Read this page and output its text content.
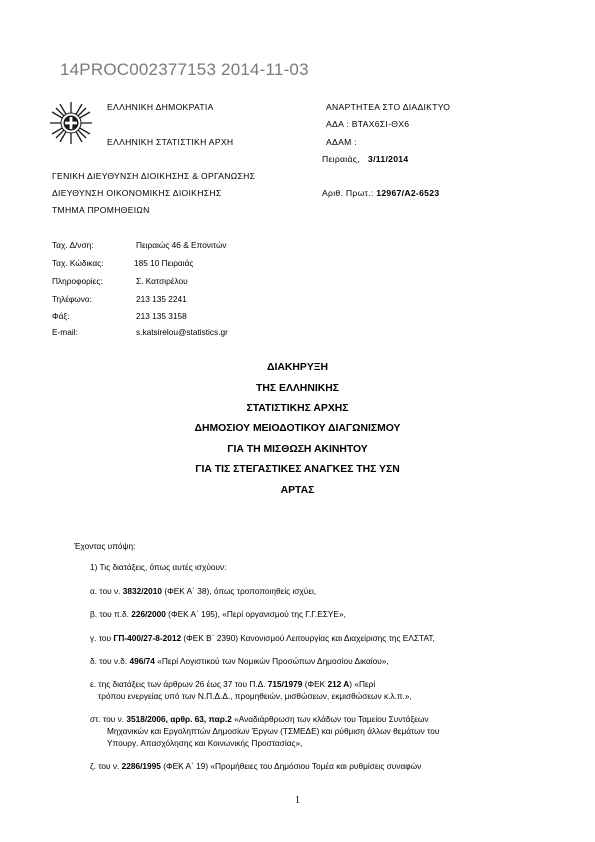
14PROC002377153 2014-11-03
ΕΛΛΗΝΙΚΗ ΔΗΜΟΚΡΑΤΙΑ
ΕΛΛΗΝΙΚΗ ΣΤΑΤΙΣΤΙΚΗ ΑΡΧΗ
ΓΕΝΙΚΗ ΔΙΕΥΘΥΝΣΗ ΔΙΟΙΚΗΣΗΣ & ΟΡΓΑΝΩΣΗΣ
ΔΙΕΥΘΥΝΣΗ ΟΙΚΟΝΟΜΙΚΗΣ ΔΙΟΙΚΗΣΗΣ
ΤΜΗΜΑ ΠΡΟΜΗΘΕΙΩΝ
ΑΝΑΡΤΗΤΕΑ ΣΤΟ ΔΙΑΔΙΚΤΥΟ
ΑΔΑ : ΒΤΑΧ6ΣΙ-ΘΧ6
ΑΔΑΜ :
Πειραιάς, 3/11/2014
Αριθ. Πρωτ.: 12967/Α2-6523
Ταχ. Δ/νση:	Πειραιώς 46 & Επονιτών
Ταχ. Κώδικας:	185 10 Πειραιάς
Πληροφορίες:	Σ. Κατσιρέλου
Τηλέφωνο:	213 135 2241
Φάξ:	213 135 3158
E-mail:	s.katsirelou@statistics.gr
ΔΙΑΚΗΡΥΞΗ
ΤΗΣ ΕΛΛΗΝΙΚΗΣ
ΣΤΑΤΙΣΤΙΚΗΣ ΑΡΧΗΣ
ΔΗΜΟΣΙΟΥ ΜΕΙΟΔΟΤΙΚΟΥ ΔΙΑΓΩΝΙΣΜΟΥ
ΓΙΑ ΤΗ ΜΙΣΘΩΣΗ ΑΚΙΝΗΤΟΥ
ΓΙΑ ΤΙΣ ΣΤΕΓΑΣΤΙΚΕΣ ΑΝΑΓΚΕΣ ΤΗΣ ΥΣΝ
ΑΡΤΑΣ
Έχοντας υπόψη:
1) Τις διατάξεις, όπως αυτές ισχύουν:
α. του ν. 3832/2010 (ΦΕΚ Α΄ 38), όπως τροποποιηθείς ισχύει,
β. του π.δ. 226/2000 (ΦΕΚ Α΄ 195), «Περί οργανισμού της Γ.Γ.ΕΣΥΕ»,
γ. του ΓΠ-400/27-8-2012 (ΦΕΚ Β΄ 2390) Κανονισμού Λειτουργίας και Διαχείρισης της ΕΛΣΤΑΤ,
δ. του ν.δ. 496/74 «Περί Λογιστικού των Νομικών Προσώπων Δημοσίου Δικαίου»,
ε. της διατάξεις των άρθρων 26 έως 37 του Π.Δ. 715/1979 (ΦΕΚ 212 Α) «Περί
τρόπου ενεργείας υπό των Ν.Π.Δ.Δ., προμηθειών, μισθώσεων, εκμισθώσεων κ.λ.π.»,
στ. του ν. 3518/2006, αρθρ. 63, παρ.2 «Αναδιάρθρωση των κλάδων του Ταμείου Συντάξεων
Μηχανικών και Εργοληπτών Δημοσίων Έργων (ΤΣΜΕΔΕ) και ρύθμιση άλλων θεμάτων του
Υπουργ. Απασχόλησης και Κοινωνικής Προστασίας»,
ζ. του ν. 2286/1995 (ΦΕΚ Α΄ 19) «Προμήθειες του Δημόσιου Τομέα και ρυθμίσεις συναφών
1
